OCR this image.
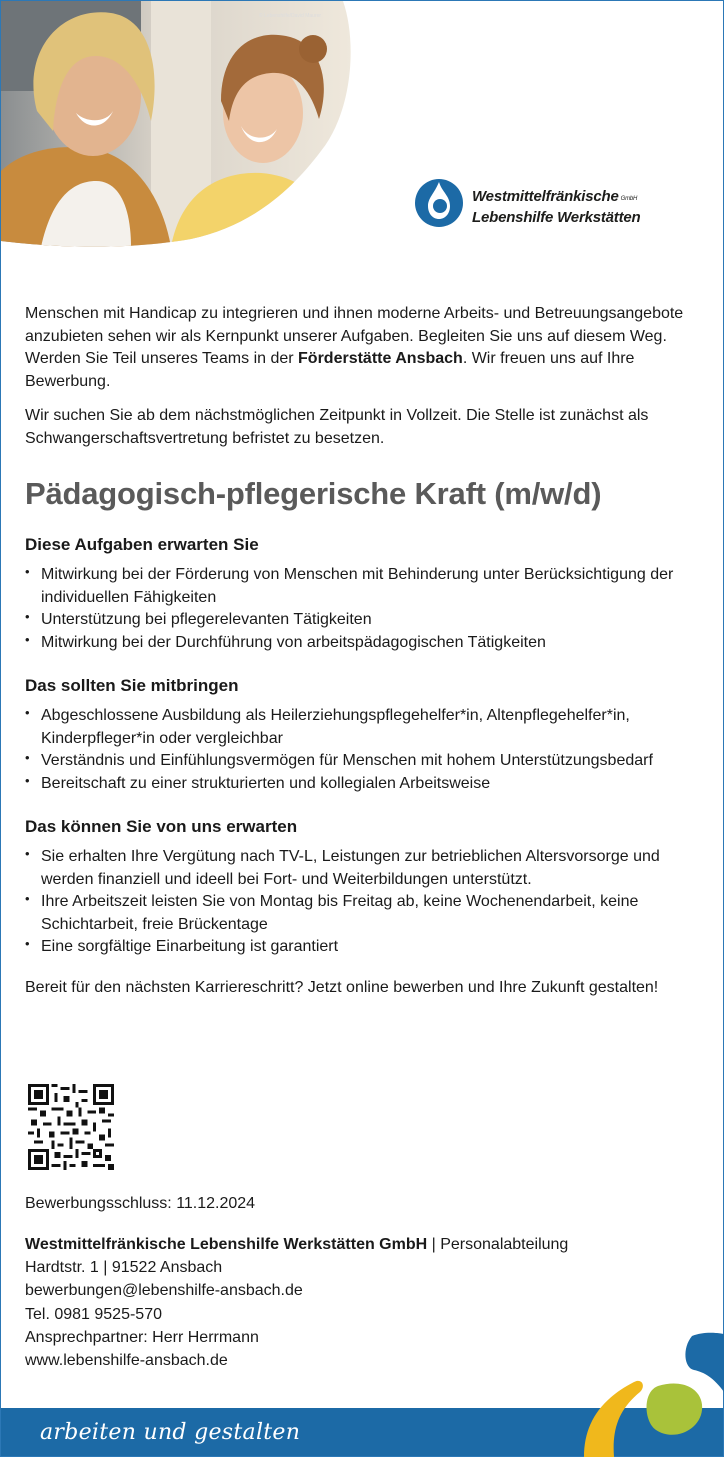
© Lebenshilfe/David Maurer
Westmittelfränkische GmbH
Lebenshilfe Werkstätten

Menschen mit Handicap zu integrieren und ihnen moderne Arbeits- und Betreuungsangebote anzubieten sehen wir als Kernpunkt unserer Aufgaben. Begleiten Sie uns auf diesem Weg. Werden Sie Teil unseres Teams in der Förderstätte Ansbach. Wir freuen uns auf Ihre Bewerbung.

Wir suchen Sie ab dem nächstmöglichen Zeitpunkt in Vollzeit. Die Stelle ist zunächst als Schwangerschaftsvertretung befristet zu besetzen.

Pädagogisch-pflegerische Kraft (m/w/d)
Diese Aufgaben erwarten Sie
• Mitwirkung bei der Förderung von Menschen mit Behinderung unter Berücksichtigung der individuellen Fähigkeiten
• Unterstützung bei pflegerelevanten Tätigkeiten
• Mitwirkung bei der Durchführung von arbeitspädagogischen Tätigkeiten
Das sollten Sie mitbringen
• Abgeschlossene Ausbildung als Heilerziehungspflegehelfer*in, Altenpflegehelfer*in, Kinderpfleger*in oder vergleichbar
• Verständnis und Einfühlungsvermögen für Menschen mit hohem Unterstützungsbedarf
• Bereitschaft zu einer strukturierten und kollegialen Arbeitsweise
Das können Sie von uns erwarten
• Sie erhalten Ihre Vergütung nach TV-L, Leistungen zur betrieblichen Altersvorsorge und werden finanziell und ideell bei Fort- und Weiterbildungen unterstützt.
• Ihre Arbeitszeit leisten Sie von Montag bis Freitag ab, keine Wochenendarbeit, keine Schichtarbeit, freie Brückentage
• Eine sorgfältige Einarbeitung ist garantiert

Bereit für den nächsten Karriereschritt? Jetzt online bewerben und Ihre Zukunft gestalten!

Bewerbungsschluss: 11.12.2024
Westmittelfränkische Lebenshilfe Werkstätten GmbH | Personalabteilung
Hardtstr. 1 | 91522 Ansbach
bewerbungen@lebenshilfe-ansbach.de
Tel. 0981 9525-570
Ansprechpartner: Herr Herrmann
www.lebenshilfe-ansbach.de
arbeiten und gestalten
